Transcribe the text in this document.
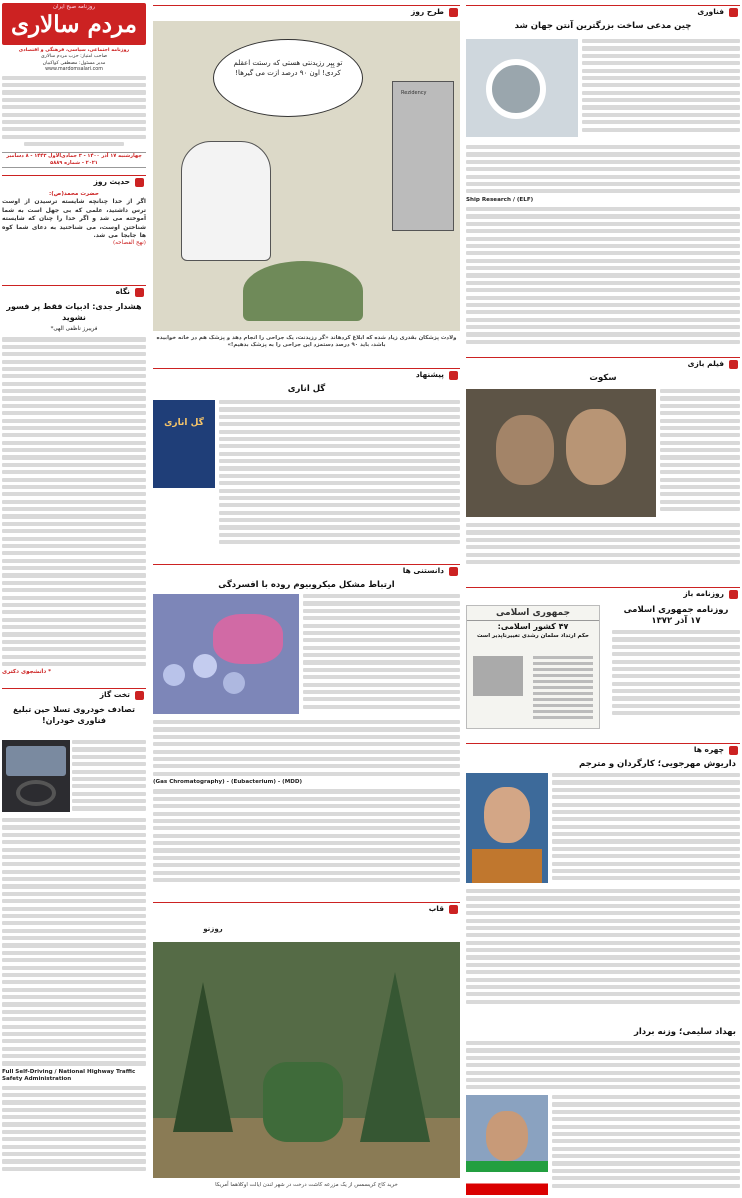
روزنامه صبح ایران
مردم سالاری
روزنامه اجتماعی، سیاسی، فرهنگی و اقتصادی
صاحب امتیاز: حزب مردم سالاری
مدیر مسئول: مصطفی کواکبیان
www.mardomsalari.com
چهارشنبه ۱۷ آذر ۱۴۰۰ - ۳ جمادی‌الاول ۱۴۴۳ - ۸ دسامبر ۲۰۲۱ - شماره ۵۸۸۹
حدیث روز
حضرت محمد(ص):
اگر از خدا چنانچه شایسته ترسیدن از اوست ترس داشتید، علمی که بی جهل است به شما آموخته می شد و اگر خدا را چنان که شایسته شناختن اوست، می شناختید به دعای شما کوه ها جابجا می شد.
(نهج الفصاحه)
نگاه
هشدار جدی: ادبیات فقط پر فسور نشوید
فریبرز ناظفی الهی*
* دانشجوی دکتری
تخت گاز
تصادف خودروی تسلا حین تبلیغ فناوری خودران!
Full Self-Driving / National Highway Traffic Safety Administration
طرح روز
تو پِپِر رزیدنتی هستی که رستت اعقلم کردی! اون ۹۰ درصد ازت می گیرها!
Rezidency
ولادت پزشکان بقدری زیاد شده که ابلاغ کردهاند «گر رزیدنت، یک جراحی را انجام دهد و پزشک هم در خانه خوابیده باشد، باید ۹۰ درصد دستمزد این جراحی را به پزشک بدهیم!»
پیشنهاد
گل اناری
گل اناری
دانستنی ها
ارتباط مشکل میکروبیوم روده با افسردگی
(Gas Chromatography) - (Eubacterium) - (MDD)
قاب
روزنو
خرید کاج کریسمس از یک مزرعه کاشت درخت در شهر لندن ایالت اوکلاهما آمریکا
فناوری
چین مدعی ساخت بزرگترین آنتن جهان شد
Ship Research / (ELF)
فیلم بازی
سکوت
روزنامه باز
روزنامه جمهوری اسلامی
۱۷ آذر ۱۳۷۲
جمهوری اسلامی
۴۷ کشور اسلامی:
حکم ارتداد سلمان رشدی تغییرناپذیر است
چهره ها
داریوش مهرجویی؛ کارگردان و مترجم
بهداد سلیمی؛ وزنه بردار
